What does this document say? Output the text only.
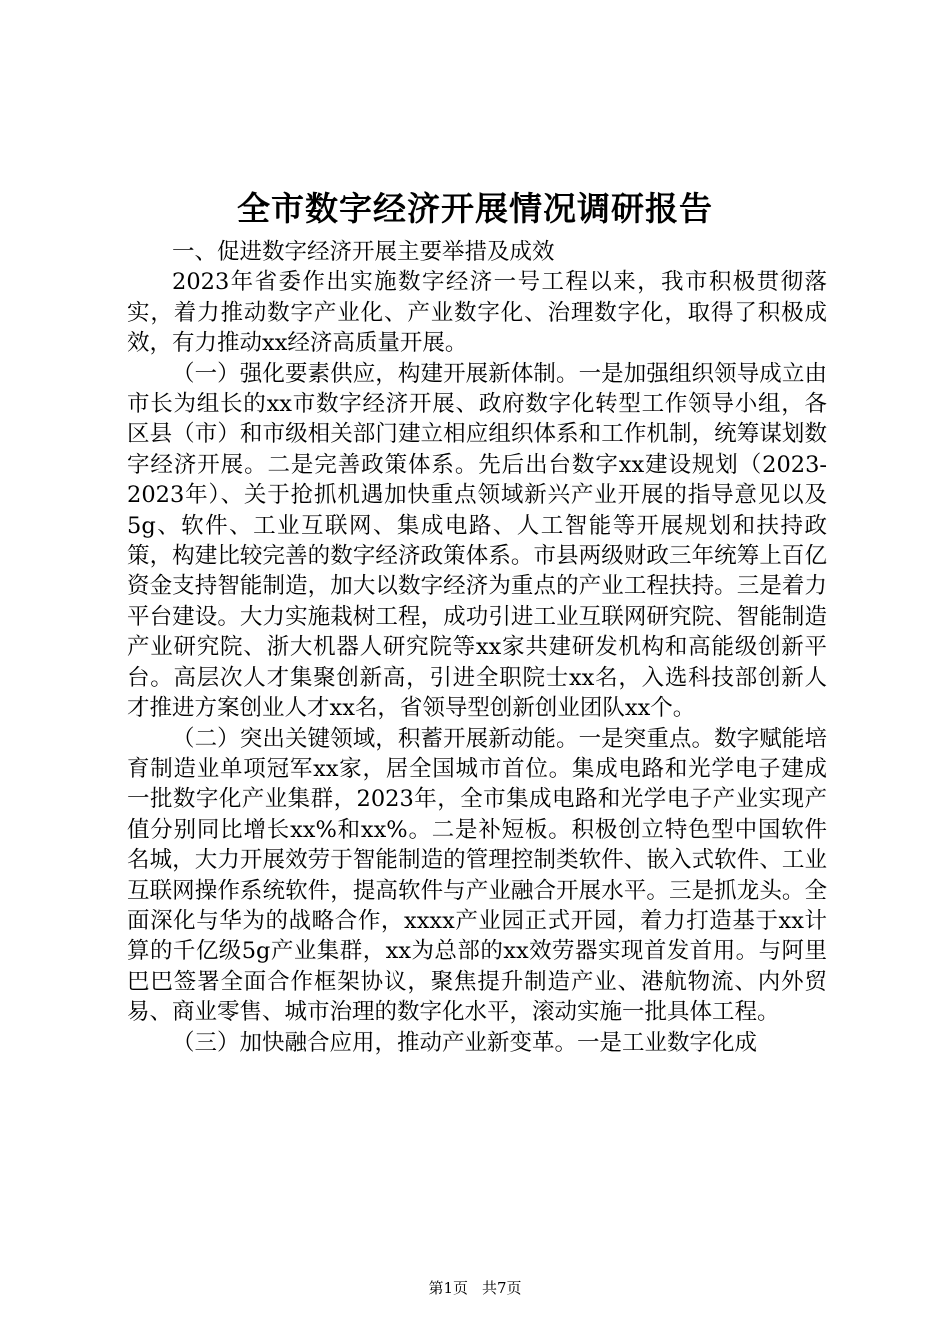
全市数字经济开展情况调研报告

一、促进数字经济开展主要举措及成效

2023年省委作出实施数字经济一号工程以来，我市积极贯彻落实，着力推动数字产业化、产业数字化、治理数字化，取得了积极成效，有力推动xx经济高质量开展。

（一）强化要素供应，构建开展新体制。一是加强组织领导成立由市长为组长的xx市数字经济开展、政府数字化转型工作领导小组，各区县（市）和市级相关部门建立相应组织体系和工作机制，统筹谋划数字经济开展。二是完善政策体系。先后出台数字xx建设规划（2023-2023年）、关于抢抓机遇加快重点领域新兴产业开展的指导意见以及5g、软件、工业互联网、集成电路、人工智能等开展规划和扶持政策，构建比较完善的数字经济政策体系。市县两级财政三年统筹上百亿资金支持智能制造，加大以数字经济为重点的产业工程扶持。三是着力平台建设。大力实施栽树工程，成功引进工业互联网研究院、智能制造产业研究院、浙大机器人研究院等xx家共建研发机构和高能级创新平台。高层次人才集聚创新高，引进全职院士xx名，入选科技部创新人才推进方案创业人才xx名，省领导型创新创业团队xx个。

（二）突出关键领域，积蓄开展新动能。一是突重点。数字赋能培育制造业单项冠军xx家，居全国城市首位。集成电路和光学电子建成一批数字化产业集群，2023年，全市集成电路和光学电子产业实现产值分别同比增长xx%和xx%。二是补短板。积极创立特色型中国软件名城，大力开展效劳于智能制造的管理控制类软件、嵌入式软件、工业互联网操作系统软件，提高软件与产业融合开展水平。三是抓龙头。全面深化与华为的战略合作，xxxx产业园正式开园，着力打造基于xx计算的千亿级5g产业集群，xx为总部的xx效劳器实现首发首用。与阿里巴巴签署全面合作框架协议，聚焦提升制造产业、港航物流、内外贸易、商业零售、城市治理的数字化水平，滚动实施一批具体工程。

（三）加快融合应用，推动产业新变革。一是工业数字化成

第1页 共7页
